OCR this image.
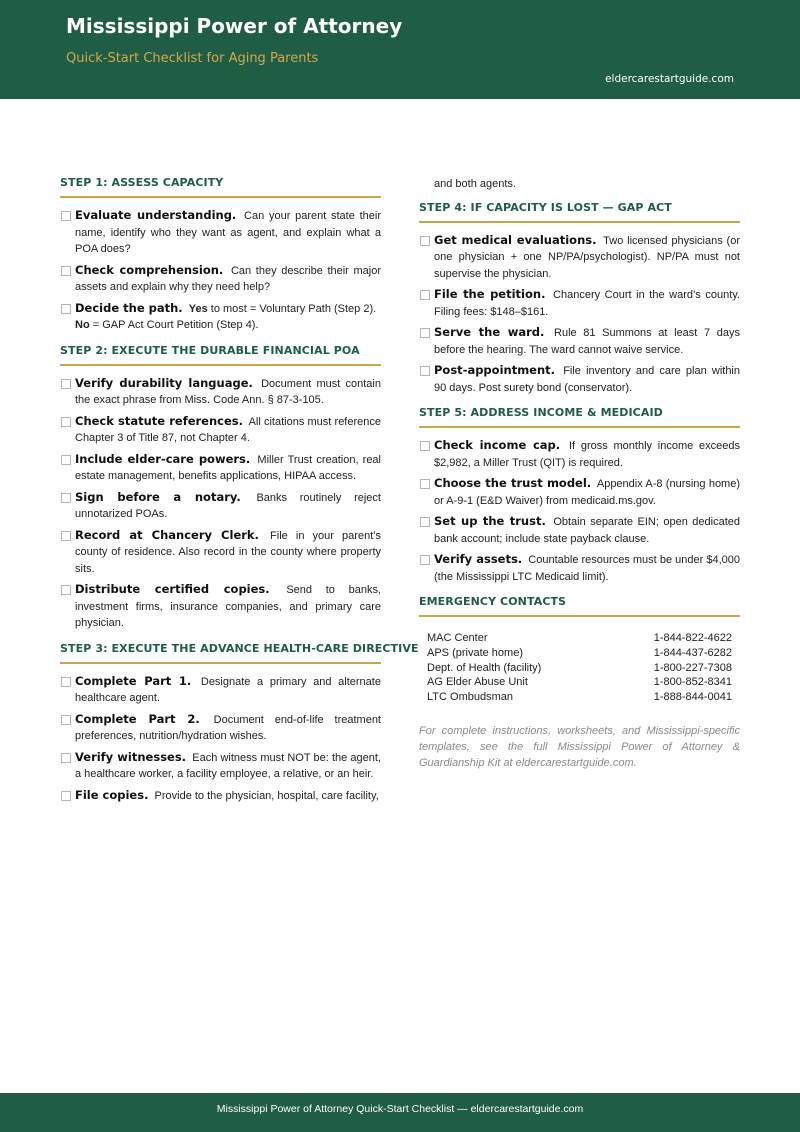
Mississippi Power of Attorney
Quick-Start Checklist for Aging Parents
eldercarestartguide.com
STEP 1: ASSESS CAPACITY
Evaluate understanding. Can your parent state their name, identify who they want as agent, and explain what a POA does?
Check comprehension. Can they describe their major assets and explain why they need help?
Decide the path. Yes to most = Voluntary Path (Step 2). No = GAP Act Court Petition (Step 4).
STEP 2: EXECUTE THE DURABLE FINANCIAL POA
Verify durability language. Document must contain the exact phrase from Miss. Code Ann. § 87-3-105.
Check statute references. All citations must reference Chapter 3 of Title 87, not Chapter 4.
Include elder-care powers. Miller Trust creation, real estate management, benefits applications, HIPAA access.
Sign before a notary. Banks routinely reject unnotarized POAs.
Record at Chancery Clerk. File in your parent’s county of residence. Also record in the county where property sits.
Distribute certified copies. Send to banks, investment firms, insurance companies, and primary care physician.
STEP 3: EXECUTE THE ADVANCE HEALTH-CARE DIRECTIVE
Complete Part 1. Designate a primary and alternate healthcare agent.
Complete Part 2. Document end-of-life treatment preferences, nutrition/hydration wishes.
Verify witnesses. Each witness must NOT be: the agent, a healthcare worker, a facility employee, a relative, or an heir.
File copies. Provide to the physician, hospital, care facility,
and both agents.
STEP 4: IF CAPACITY IS LOST — GAP ACT
Get medical evaluations. Two licensed physicians (or one physician + one NP/PA/psychologist). NP/PA must not supervise the physician.
File the petition. Chancery Court in the ward’s county. Filing fees: $148–$161.
Serve the ward. Rule 81 Summons at least 7 days before the hearing. The ward cannot waive service.
Post-appointment. File inventory and care plan within 90 days. Post surety bond (conservator).
STEP 5: ADDRESS INCOME & MEDICAID
Check income cap. If gross monthly income exceeds $2,982, a Miller Trust (QIT) is required.
Choose the trust model. Appendix A-8 (nursing home) or A-9-1 (E&D Waiver) from medicaid.ms.gov.
Set up the trust. Obtain separate EIN; open dedicated bank account; include state payback clause.
Verify assets. Countable resources must be under $4,000 (the Mississippi LTC Medicaid limit).
EMERGENCY CONTACTS
MAC Center	1-844-822-4622
APS (private home)	1-844-437-6282
Dept. of Health (facility)	1-800-227-7308
AG Elder Abuse Unit	1-800-852-8341
LTC Ombudsman	1-888-844-0041
For complete instructions, worksheets, and Mississippi-specific templates, see the full Mississippi Power of Attorney & Guardianship Kit at eldercarestartguide.com.
Mississippi Power of Attorney Quick-Start Checklist — eldercarestartguide.com
